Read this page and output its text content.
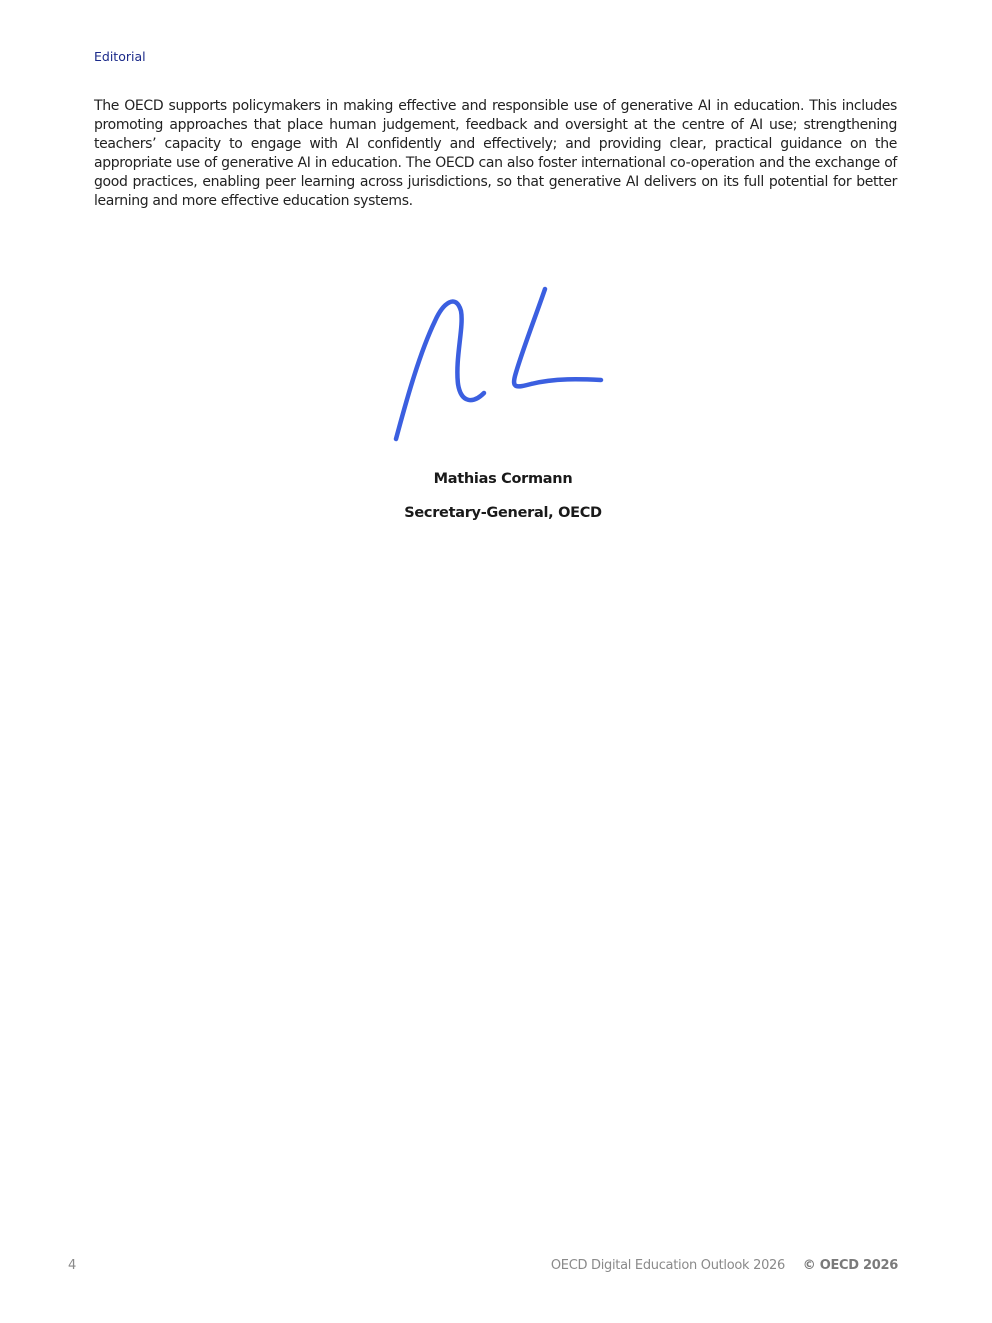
Editorial

The OECD supports policymakers in making effective and responsible use of generative AI in education. This includes promoting approaches that place human judgement, feedback and oversight at the centre of AI use; strengthening teachers’ capacity to engage with AI confidently and effectively; and providing clear, practical guidance on the appropriate use of generative AI in education. The OECD can also foster international co-operation and the exchange of good practices, enabling peer learning across jurisdictions, so that generative AI delivers on its full potential for better learning and more effective education systems.

Mathias Cormann
Secretary-General, OECD
4	OECD Digital Education Outlook 2026 © OECD 2026
